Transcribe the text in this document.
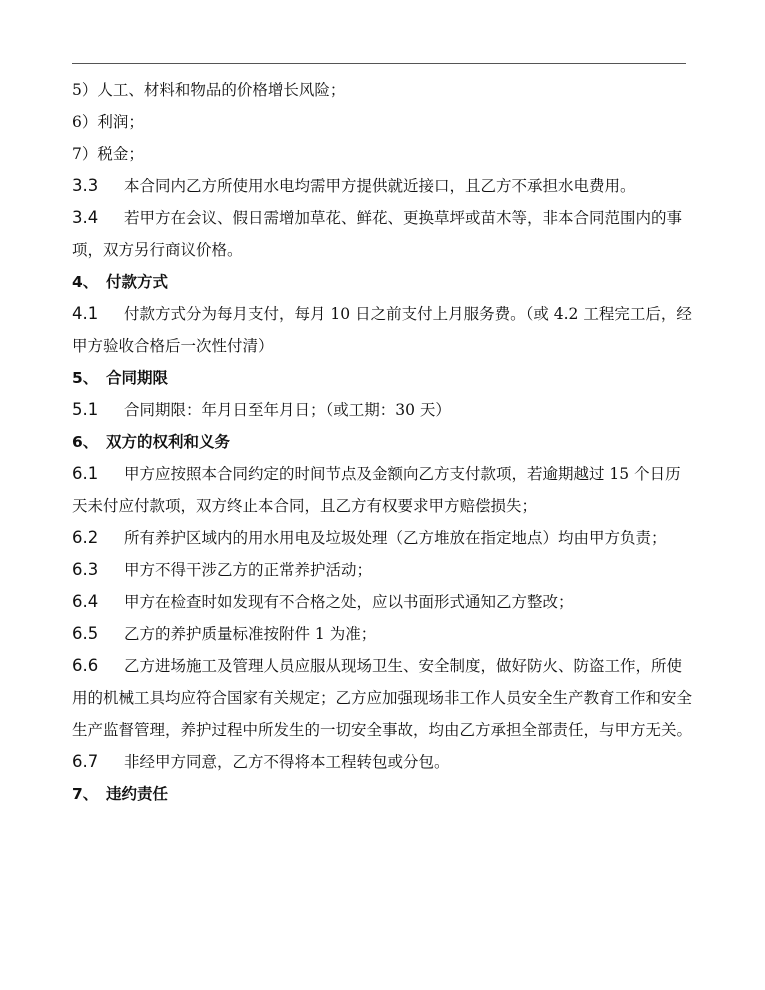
5）人工、材料和物品的价格增长风险；
6）利润；
7）税金；
3.3 本合同内乙方所使用水电均需甲方提供就近接口，且乙方不承担水电费用。
3.4 若甲方在会议、假日需增加草花、鲜花、更换草坪或苗木等，非本合同范围内的事项，双方另行商议价格。
4、 付款方式
4.1 付款方式分为每月支付，每月 10 日之前支付上月服务费。（或 4.2 工程完工后，经甲方验收合格后一次性付清）
5、 合同期限
5.1 合同期限：年月日至年月日；（或工期：30 天）
6、 双方的权利和义务
6.1 甲方应按照本合同约定的时间节点及金额向乙方支付款项，若逾期越过 15 个日历天未付应付款项，双方终止本合同，且乙方有权要求甲方赔偿损失；
6.2 所有养护区域内的用水用电及垃圾处理（乙方堆放在指定地点）均由甲方负责；
6.3 甲方不得干涉乙方的正常养护活动；
6.4 甲方在检查时如发现有不合格之处，应以书面形式通知乙方整改；
6.5 乙方的养护质量标准按附件 1 为准；
6.6 乙方进场施工及管理人员应服从现场卫生、安全制度，做好防火、防盗工作，所使用的机械工具均应符合国家有关规定；乙方应加强现场非工作人员安全生产教育工作和安全生产监督管理，养护过程中所发生的一切安全事故，均由乙方承担全部责任，与甲方无关。
6.7 非经甲方同意，乙方不得将本工程转包或分包。
7、 违约责任
